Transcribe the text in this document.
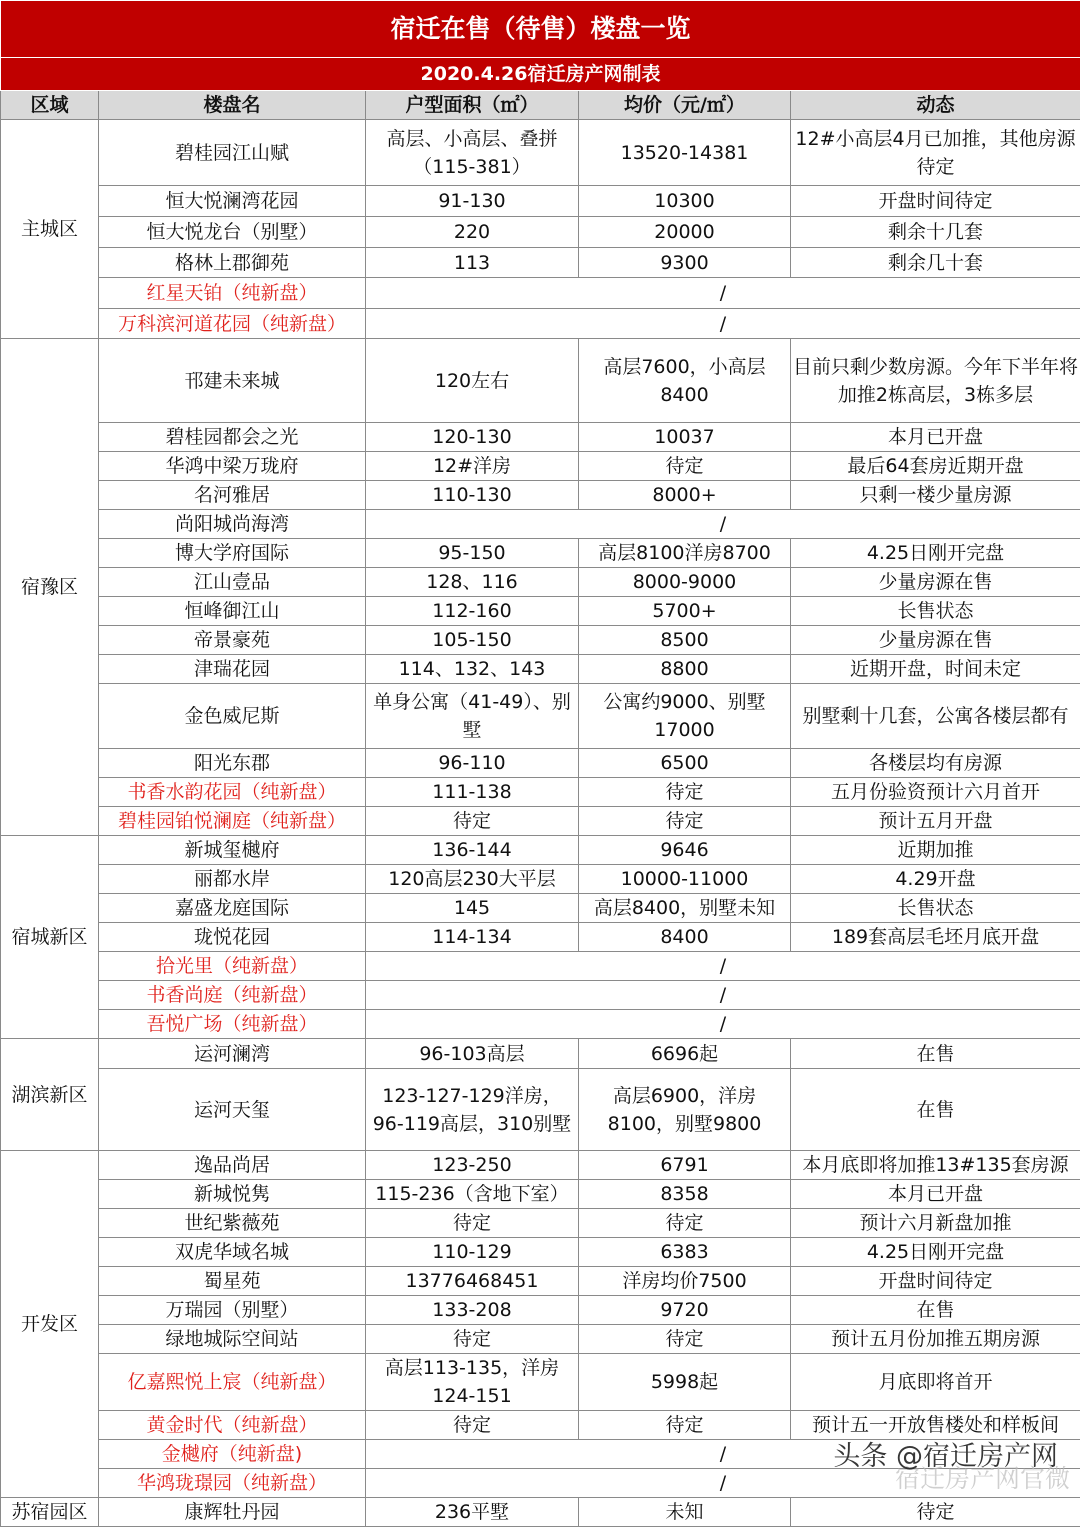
宿迁在售（待售）楼盘一览				
2020.4.26宿迁房产网制表				
区域	楼盘名	户型面积（㎡）	均价（元/㎡）	动态
主城区	碧桂园江山赋	高层、小高层、叠拼（115-381）	13520-14381	12#小高层4月已加推，其他房源待定
	恒大悦澜湾花园	91-130	10300	开盘时间待定
	恒大悦龙台（别墅）	220	20000	剩余十几套
	格林上郡御苑	113	9300	剩余几十套
	红星天铂（纯新盘）	/		
	万科滨河道花园（纯新盘）	/		
宿豫区	邗建未来城	120左右	高层7600，小高层8400	目前只剩少数房源。今年下半年将加推2栋高层，3栋多层
	碧桂园都会之光	120-130	10037	本月已开盘
	华鸿中梁万珑府	12#洋房	待定	最后64套房近期开盘
	名河雅居	110-130	8000+	只剩一楼少量房源
	尚阳城尚海湾	/		
	博大学府国际	95-150	高层8100洋房8700	4.25日刚开完盘
	江山壹品	128、116	8000-9000	少量房源在售
	恒峰御江山	112-160	5700+	长售状态
	帝景豪苑	105-150	8500	少量房源在售
	津瑞花园	114、132、143	8800	近期开盘，时间未定
	金色威尼斯	单身公寓（41-49）、别墅	公寓约9000、别墅17000	别墅剩十几套，公寓各楼层都有
	阳光东郡	96-110	6500	各楼层均有房源
	书香水韵花园（纯新盘）	111-138	待定	五月份验资预计六月首开
	碧桂园铂悦澜庭（纯新盘）	待定	待定	预计五月开盘
宿城新区	新城玺樾府	136-144	9646	近期加推
	丽都水岸	120高层230大平层	10000-11000	4.29开盘
	嘉盛龙庭国际	145	高层8400，别墅未知	长售状态
	珑悦花园	114-134	8400	189套高层毛坯月底开盘
	拾光里（纯新盘）	/		
	书香尚庭（纯新盘）	/		
	吾悦广场（纯新盘）	/		
湖滨新区	运河澜湾	96-103高层	6696起	在售
	运河天玺	123-127-129洋房，96-119高层，310别墅	高层6900，洋房8100，别墅9800	在售
开发区	逸品尚居	123-250	6791	本月底即将加推13#135套房源
	新城悦隽	115-236（含地下室）	8358	本月已开盘
	世纪紫薇苑	待定	待定	预计六月新盘加推
	双虎华域名城	110-129	6383	4.25日刚开完盘
	蜀星苑	13776468451	洋房均价7500	开盘时间待定
	万瑞园（别墅）	133-208	9720	在售
	绿地城际空间站	待定	待定	预计五月份加推五期房源
	亿嘉熙悦上宸（纯新盘）	高层113-135，洋房124-151	5998起	月底即将首开
	黄金时代（纯新盘）	待定	待定	预计五一开放售楼处和样板间
	金樾府（纯新盘)	/		
	华鸿珑璟园（纯新盘）	/		
苏宿园区	康辉牡丹园	236平墅	未知	待定
宿迁房产网官微
头条 @宿迁房产网
